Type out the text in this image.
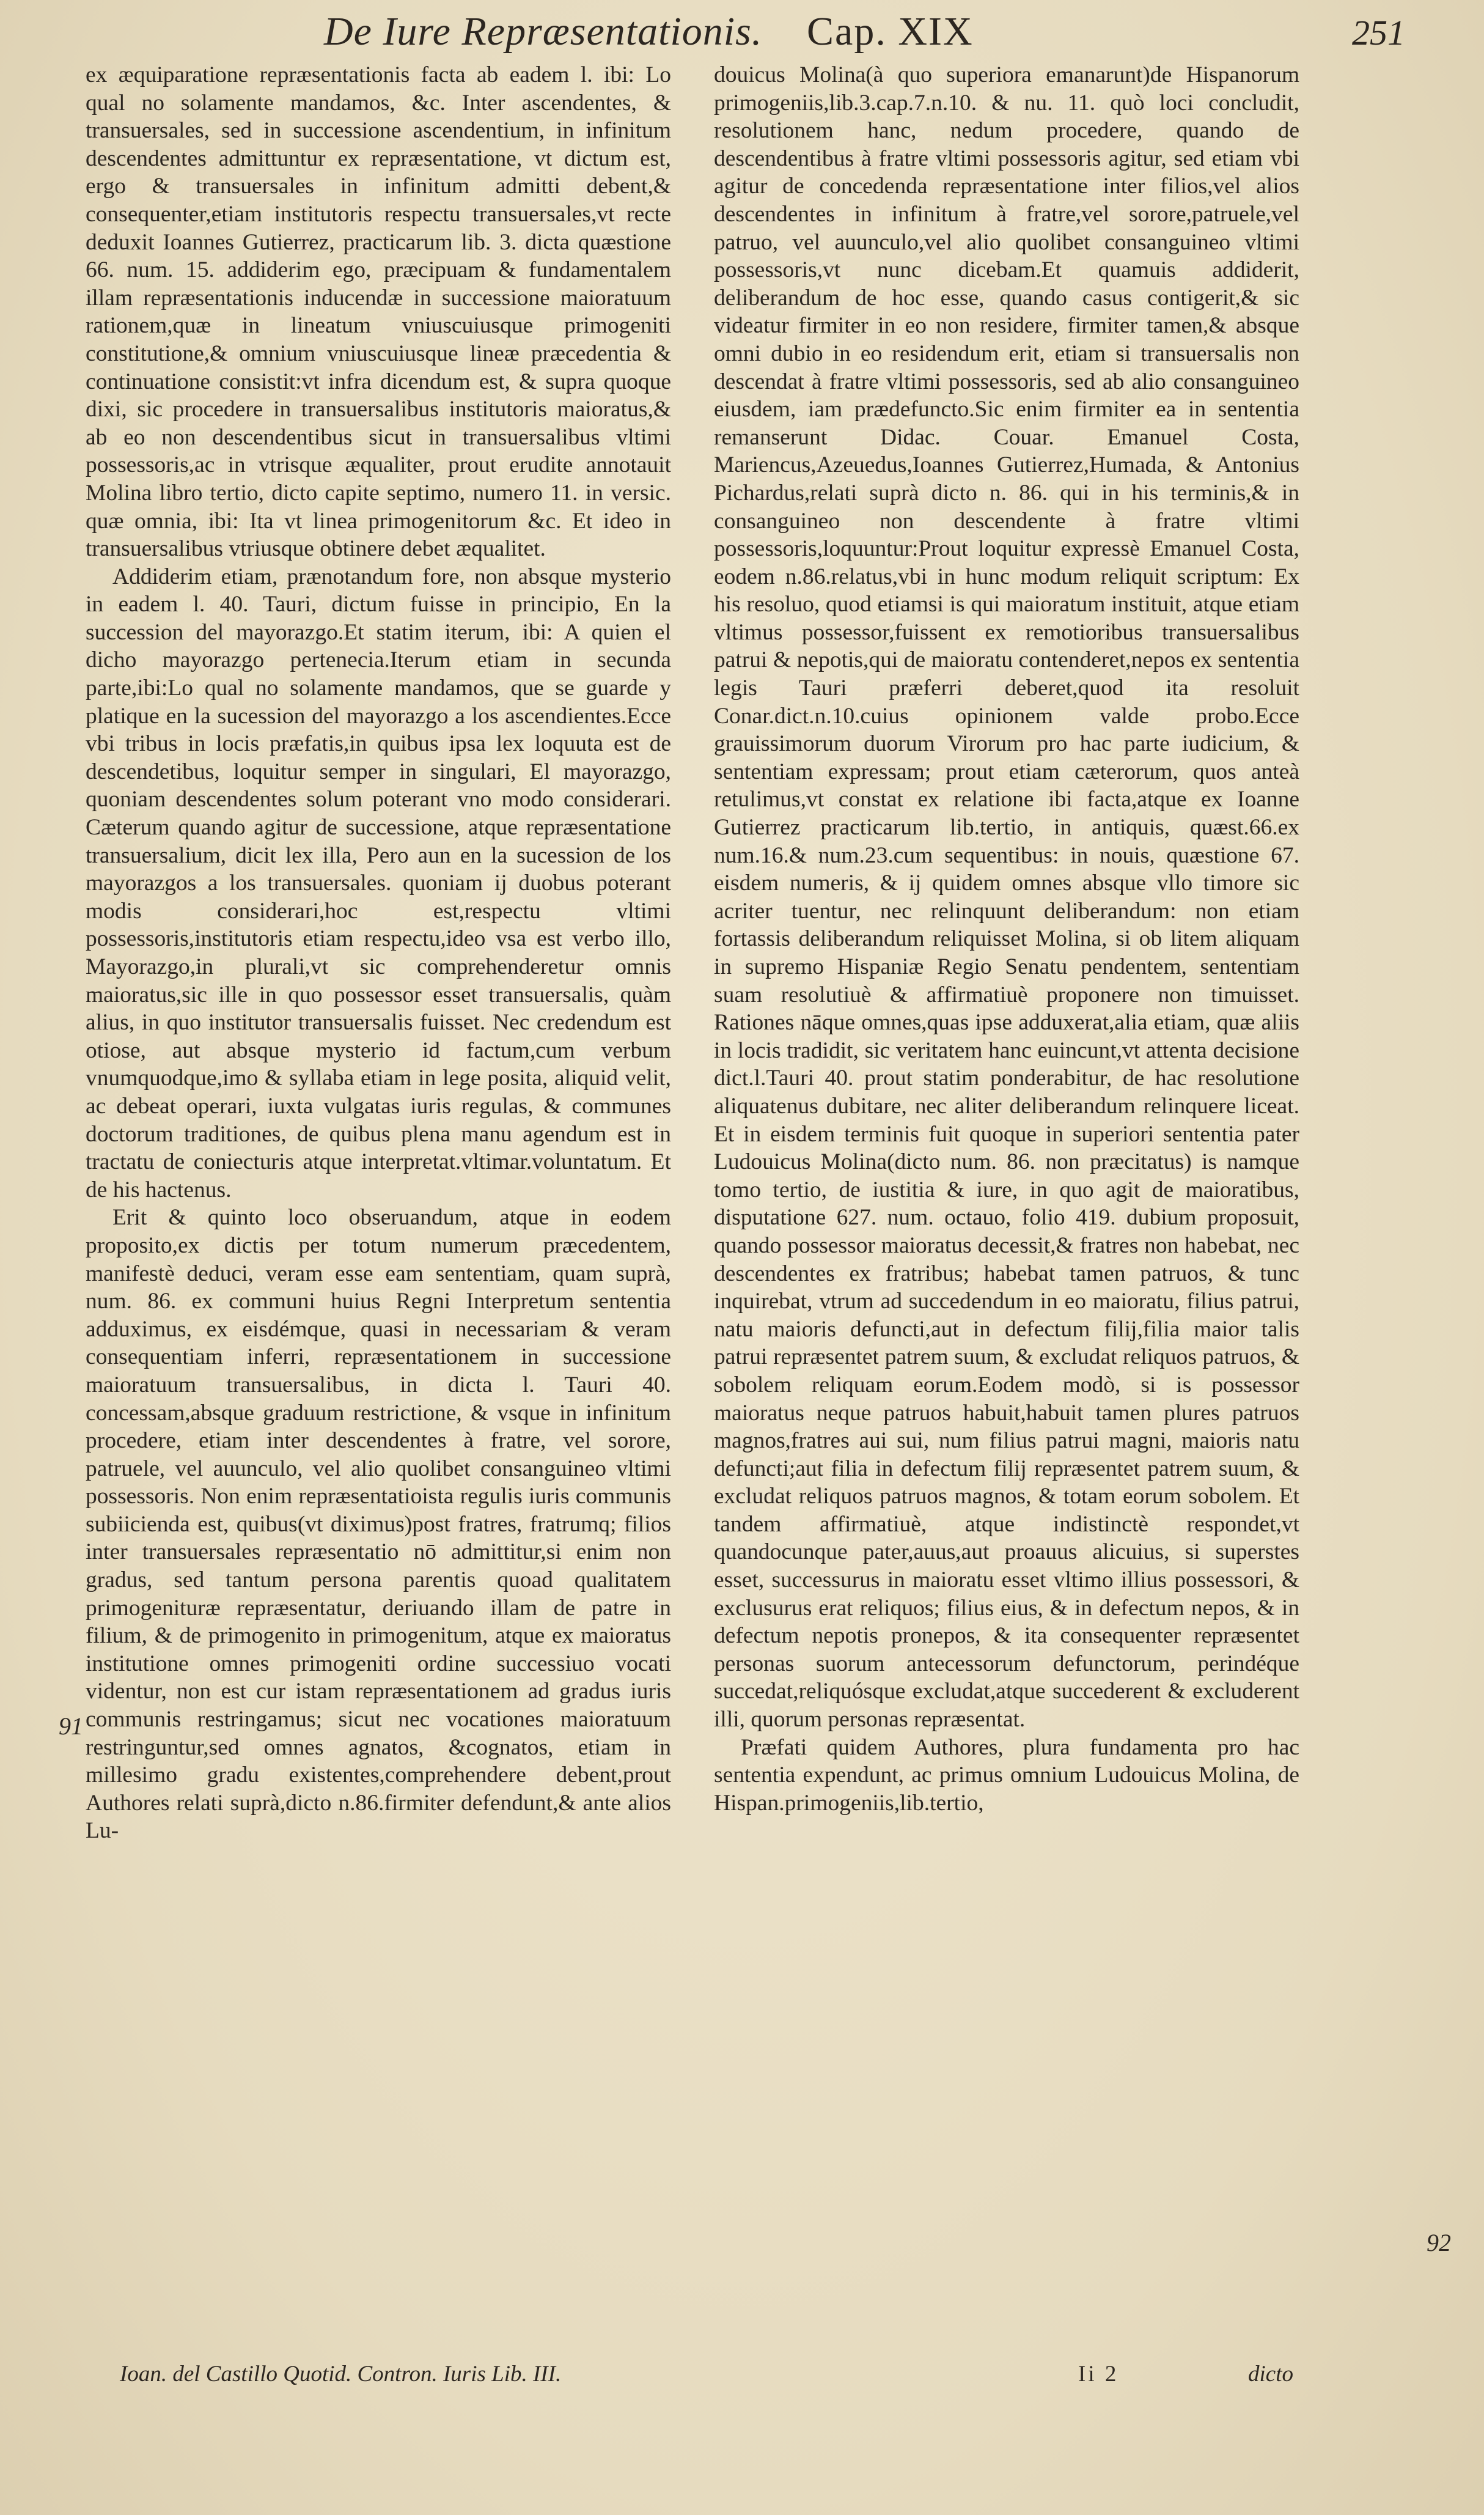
De Iure Repræsentationis. Cap. XIX	251

ex æquiparatione repræsentationis facta ab eadem l. ibi: Lo qual no solamente mandamos, &c. Inter ascendentes, & transuersales, sed in successione ascendentium, in infinitum descendentes admittuntur ex repræsentatione, vt dictum est, ergo & transuersales in infinitum admitti debent,& consequenter,etiam institutoris respectu transuersales,vt recte deduxit Ioannes Gutierrez, practicarum lib. 3. dicta quæstione 66. num. 15. addiderim ego, præcipuam & fundamentalem illam repræsentationis inducendæ in successione maioratuum rationem,quæ in lineatum vniuscuiusque primogeniti constitutione,& omnium vniuscuiusque lineæ præcedentia & continuatione consistit:vt infra dicendum est, & supra quoque dixi, sic procedere in transuersalibus institutoris maioratus,& ab eo non descendentibus sicut in transuersalibus vltimi possessoris,ac in vtrisque æqualiter, prout erudite annotauit Molina libro tertio, dicto capite septimo, numero 11. in versic. quæ omnia, ibi: Ita vt linea primogenitorum &c. Et ideo in transuersalibus vtriusque obtinere debet æqualitet.

Addiderim etiam, prænotandum fore, non absque mysterio in eadem l. 40. Tauri, dictum fuisse in principio, En la succession del mayorazgo.Et statim iterum, ibi: A quien el dicho mayorazgo pertenecia.Iterum etiam in secunda parte,ibi:Lo qual no solamente mandamos, que se guarde y platique en la sucession del mayorazgo a los ascendientes.Ecce vbi tribus in locis præfatis,in quibus ipsa lex loquuta est de descendetibus, loquitur semper in singulari, El mayorazgo, quoniam descendentes solum poterant vno modo considerari. Cæterum quando agitur de successione, atque repræsentatione transuersalium, dicit lex illa, Pero aun en la sucession de los mayorazgos a los transuersales. quoniam ij duobus poterant modis considerari,hoc est,respectu vltimi possessoris,institutoris etiam respectu,ideo vsa est verbo illo, Mayorazgo,in plurali,vt sic comprehenderetur omnis maioratus,sic ille in quo possessor esset transuersalis, quàm alius, in quo institutor transuersalis fuisset. Nec credendum est otiose, aut absque mysterio id factum,cum verbum vnumquodque,imo & syllaba etiam in lege posita, aliquid velit, ac debeat operari, iuxta vulgatas iuris regulas, & communes doctorum traditiones, de quibus plena manu agendum est in tractatu de coniecturis atque interpretat.vltimar.voluntatum. Et de his hactenus.

Erit & quinto loco obseruandum, atque in eodem proposito,ex dictis per totum numerum præcedentem, manifestè deduci, veram esse eam sententiam, quam suprà, num. 86. ex communi huius Regni Interpretum sententia adduximus, ex eisdémque, quasi in necessariam & veram consequentiam inferri, repræsentationem in successione maioratuum transuersalibus, in dicta l. Tauri 40. concessam,absque graduum restrictione, & vsque in infinitum procedere, etiam inter descendentes à fratre, vel sorore, patruele, vel auunculo, vel alio quolibet consanguineo vltimi possessoris. Non enim repræsentatioista regulis iuris communis subiicienda est, quibus(vt diximus)post fratres, fratrumq; filios inter transuersales repræsentatio nō admittitur,si enim non gradus, sed tantum persona parentis quoad qualitatem primogenituræ repræsentatur, deriuando illam de patre in filium, & de primogenito in primogenitum, atque ex maioratus institutione omnes primogeniti ordine successiuo vocati videntur, non est cur istam repræsentationem ad gradus iuris communis restringamus; sicut nec vocationes maioratuum restringuntur,sed omnes agnatos, &cognatos, etiam in millesimo gradu existentes,comprehendere debent,prout Authores relati suprà,dicto n.86.firmiter defendunt,& ante alios Lu-

douicus Molina(à quo superiora emanarunt)de Hispanorum primogeniis,lib.3.cap.7.n.10. & nu. 11. quò loci concludit, resolutionem hanc, nedum procedere, quando de descendentibus à fratre vltimi possessoris agitur, sed etiam vbi agitur de concedenda repræsentatione inter filios,vel alios descendentes in infinitum à fratre,vel sorore,patruele,vel patruo, vel auunculo,vel alio quolibet consanguineo vltimi possessoris,vt nunc dicebam.Et quamuis addiderit, deliberandum de hoc esse, quando casus contigerit,& sic videatur firmiter in eo non residere, firmiter tamen,& absque omni dubio in eo residendum erit, etiam si transuersalis non descendat à fratre vltimi possessoris, sed ab alio consanguineo eiusdem, iam prædefuncto.Sic enim firmiter ea in sententia remanserunt Didac. Couar. Emanuel Costa, Mariencus,Azeuedus,Ioannes Gutierrez,Humada, & Antonius Pichardus,relati suprà dicto n. 86. qui in his terminis,& in consanguineo non descendente à fratre vltimi possessoris,loquuntur:Prout loquitur expressè Emanuel Costa, eodem n.86.relatus,vbi in hunc modum reliquit scriptum: Ex his resoluo, quod etiamsi is qui maioratum instituit, atque etiam vltimus possessor,fuissent ex remotioribus transuersalibus patrui & nepotis,qui de maioratu contenderet,nepos ex sententia legis Tauri præferri deberet,quod ita resoluit Conar.dict.n.10.cuius opinionem valde probo.Ecce grauissimorum duorum Virorum pro hac parte iudicium, & sententiam expressam; prout etiam cæterorum, quos anteà retulimus,vt constat ex relatione ibi facta,atque ex Ioanne Gutierrez practicarum lib.tertio, in antiquis, quæst.66.ex num.16.& num.23.cum sequentibus: in nouis, quæstione 67. eisdem numeris, & ij quidem omnes absque vllo timore sic acriter tuentur, nec relinquunt deliberandum: non etiam fortassis deliberandum reliquisset Molina, si ob litem aliquam in supremo Hispaniæ Regio Senatu pendentem, sententiam suam resolutiuè & affirmatiuè proponere non timuisset. Rationes nāque omnes,quas ipse adduxerat,alia etiam, quæ aliis in locis tradidit, sic veritatem hanc euincunt,vt attenta decisione dict.l.Tauri 40. prout statim ponderabitur, de hac resolutione aliquatenus dubitare, nec aliter deliberandum relinquere liceat. Et in eisdem terminis fuit quoque in superiori sententia pater Ludouicus Molina(dicto num. 86. non præcitatus) is namque tomo tertio, de iustitia & iure, in quo agit de maioratibus, disputatione 627. num. octauo, folio 419. dubium proposuit, quando possessor maioratus decessit,& fratres non habebat, nec descendentes ex fratribus; habebat tamen patruos, & tunc inquirebat, vtrum ad succedendum in eo maioratu, filius patrui, natu maioris defuncti,aut in defectum filij,filia maior talis patrui repræsentet patrem suum, & excludat reliquos patruos, & sobolem reliquam eorum.Eodem modò, si is possessor maioratus neque patruos habuit,habuit tamen plures patruos magnos,fratres aui sui, num filius patrui magni, maioris natu defuncti;aut filia in defectum filij repræsentet patrem suum, & excludat reliquos patruos magnos, & totam eorum sobolem. Et tandem affirmatiuè, atque indistinctè respondet,vt quandocunque pater,auus,aut proauus alicuius, si superstes esset, successurus in maioratu esset vltimo illius possessori, & exclusurus erat reliquos; filius eius, & in defectum nepos, & in defectum nepotis pronepos, & ita consequenter repræsentet personas suorum antecessorum defunctorum, perindéque succedat,reliquósque excludat,atque succederent & excluderent illi, quorum personas repræsentat.

Præfati quidem Authores, plura fundamenta pro hac sententia expendunt, ac primus omnium Ludouicus Molina, de Hispan.primogeniis,lib.tertio,

91
92
Ioan. del Castillo Quotid. Contron. Iuris Lib. III.	Ii 2	dicto
